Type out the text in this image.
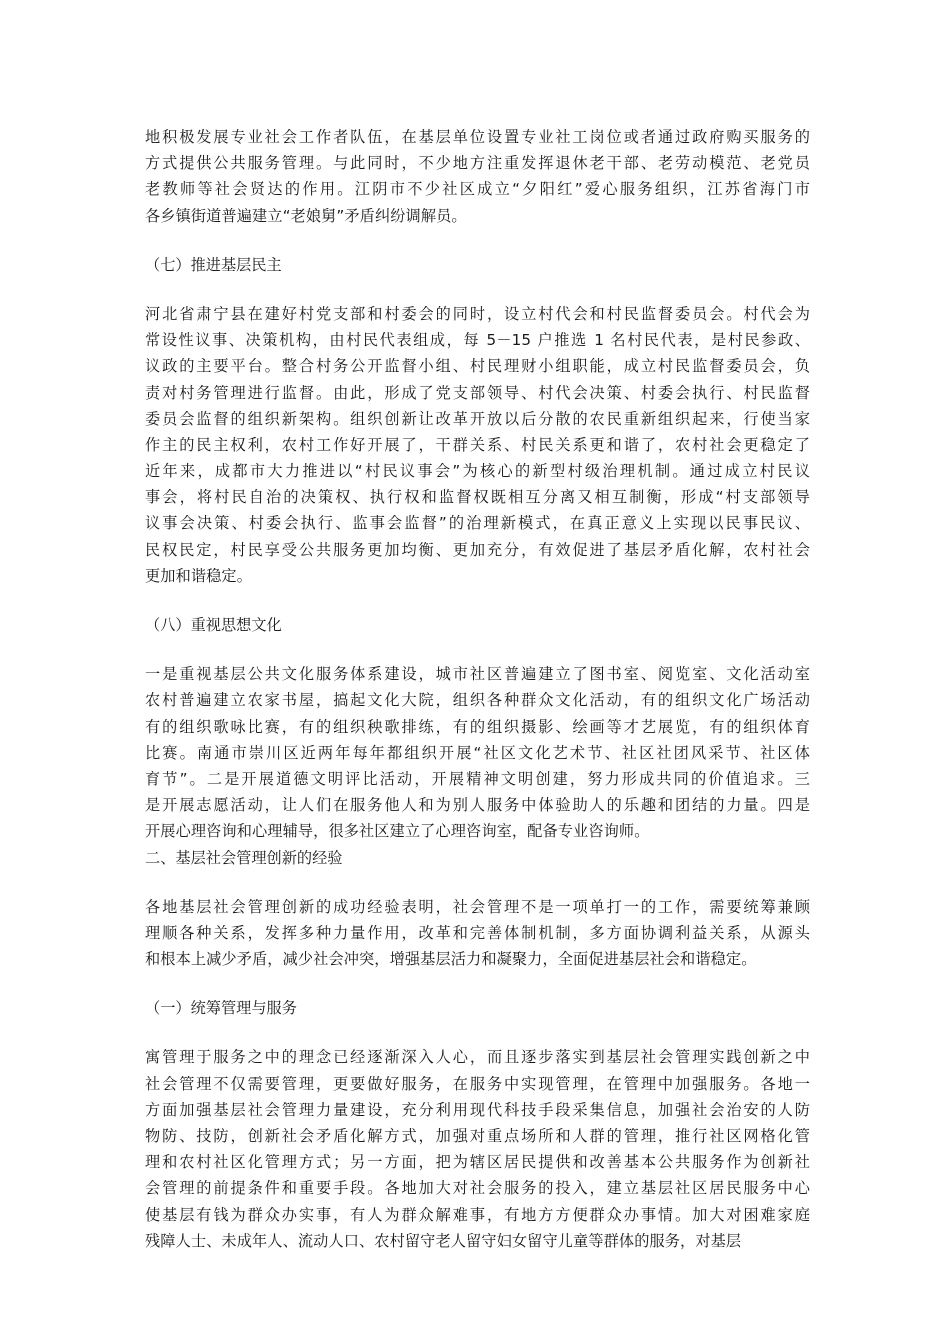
地积极发展专业社会工作者队伍，在基层单位设置专业社工岗位或者通过政府购买服务的
方式提供公共服务管理。与此同时，不少地方注重发挥退休老干部、老劳动模范、老党员
老教师等社会贤达的作用。江阴市不少社区成立“夕阳红”爱心服务组织，江苏省海门市
各乡镇街道普遍建立“老娘舅”矛盾纠纷调解员。
（七）推进基层民主
河北省肃宁县在建好村党支部和村委会的同时，设立村代会和村民监督委员会。村代会为
常设性议事、决策机构，由村民代表组成，每 5－15 户推选 1 名村民代表，是村民参政、
议政的主要平台。整合村务公开监督小组、村民理财小组职能，成立村民监督委员会，负
责对村务管理进行监督。由此，形成了党支部领导、村代会决策、村委会执行、村民监督
委员会监督的组织新架构。组织创新让改革开放以后分散的农民重新组织起来，行使当家
作主的民主权利，农村工作好开展了，干群关系、村民关系更和谐了，农村社会更稳定了
近年来，成都市大力推进以“村民议事会”为核心的新型村级治理机制。通过成立村民议
事会，将村民自治的决策权、执行权和监督权既相互分离又相互制衡，形成“村支部领导
议事会决策、村委会执行、监事会监督”的治理新模式，在真正意义上实现以民事民议、
民权民定，村民享受公共服务更加均衡、更加充分，有效促进了基层矛盾化解，农村社会
更加和谐稳定。
（八）重视思想文化
一是重视基层公共文化服务体系建设，城市社区普遍建立了图书室、阅览室、文化活动室
农村普遍建立农家书屋，搞起文化大院，组织各种群众文化活动，有的组织文化广场活动
有的组织歌咏比赛，有的组织秧歌排练，有的组织摄影、绘画等才艺展览，有的组织体育
比赛。南通市崇川区近两年每年都组织开展“社区文化艺术节、社区社团风采节、社区体
育节”。二是开展道德文明评比活动，开展精神文明创建，努力形成共同的价值追求。三
是开展志愿活动，让人们在服务他人和为别人服务中体验助人的乐趣和团结的力量。四是
开展心理咨询和心理辅导，很多社区建立了心理咨询室，配备专业咨询师。
二、基层社会管理创新的经验
各地基层社会管理创新的成功经验表明，社会管理不是一项单打一的工作，需要统筹兼顾
理顺各种关系，发挥多种力量作用，改革和完善体制机制，多方面协调利益关系，从源头
和根本上减少矛盾，减少社会冲突，增强基层活力和凝聚力，全面促进基层社会和谐稳定。
（一）统筹管理与服务
寓管理于服务之中的理念已经逐渐深入人心，而且逐步落实到基层社会管理实践创新之中
社会管理不仅需要管理，更要做好服务，在服务中实现管理，在管理中加强服务。各地一
方面加强基层社会管理力量建设，充分利用现代科技手段采集信息，加强社会治安的人防
物防、技防，创新社会矛盾化解方式，加强对重点场所和人群的管理，推行社区网格化管
理和农村社区化管理方式；另一方面，把为辖区居民提供和改善基本公共服务作为创新社
会管理的前提条件和重要手段。各地加大对社会服务的投入，建立基层社区居民服务中心
使基层有钱为群众办实事，有人为群众解难事，有地方方便群众办事情。加大对困难家庭
残障人士、未成年人、流动人口、农村留守老人留守妇女留守儿童等群体的服务，对基层
